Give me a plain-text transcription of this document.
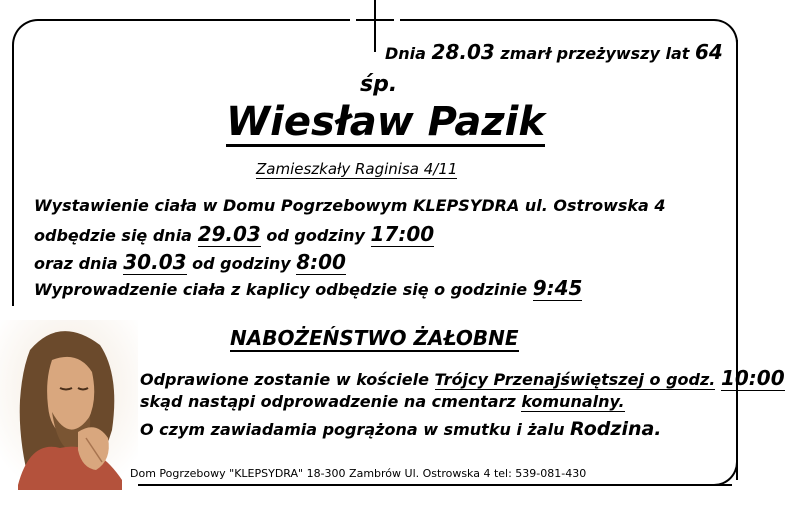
Dnia 28.03 zmarł przeżywszy lat 64
śp.
Wiesław Pazik
Zamieszkały Raginisa 4/11
Wystawienie ciała w Domu Pogrzebowym KLEPSYDRA ul. Ostrowska 4
odbędzie się dnia 29.03 od godziny 17:00
oraz dnia 30.03 od godziny 8:00
Wyprowadzenie ciała z kaplicy odbędzie się o godzinie 9:45
NABOŻEŃSTWO ŻAŁOBNE
Odprawione zostanie w kościele Trójcy Przenajświętszej o godz. 10:00
skąd nastąpi odprowadzenie na cmentarz komunalny.
O czym zawiadamia pogrążona w smutku i żalu Rodzina.
Dom Pogrzebowy "KLEPSYDRA" 18-300 Zambrów Ul. Ostrowska 4 tel: 539-081-430
